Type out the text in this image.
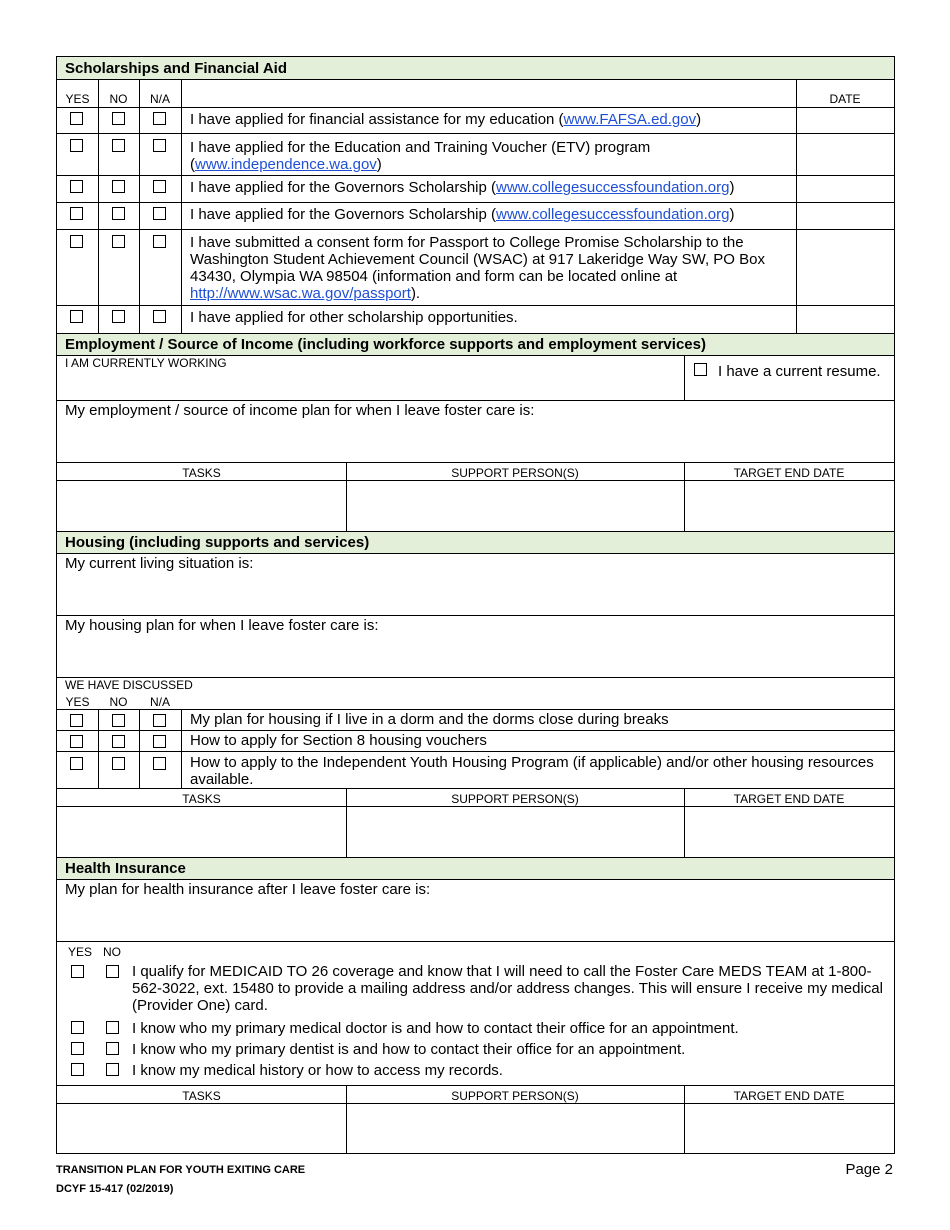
Scholarships and Financial Aid
YES	NO	N/A	DATE
I have applied for financial assistance for my education (www.FAFSA.ed.gov)
I have applied for the Education and Training Voucher (ETV) program (www.independence.wa.gov)
I have applied for the Governors Scholarship (www.collegesuccessfoundation.org)
I have applied for the Governors Scholarship (www.collegesuccessfoundation.org)
I have submitted a consent form for Passport to College Promise Scholarship to the Washington Student Achievement Council (WSAC) at 917 Lakeridge Way SW, PO Box 43430, Olympia WA 98504 (information and form can be located online at http://www.wsac.wa.gov/passport).
I have applied for other scholarship opportunities.
Employment / Source of Income (including workforce supports and employment services)
I AM CURRENTLY WORKING	I have a current resume.
My employment / source of income plan for when I leave foster care is:
TASKS	SUPPORT PERSON(S)	TARGET END DATE
Housing (including supports and services)
My current living situation is:
My housing plan for when I leave foster care is:
WE HAVE DISCUSSED
YES	NO	N/A
My plan for housing if I live in a dorm and the dorms close during breaks
How to apply for Section 8 housing vouchers
How to apply to the Independent Youth Housing Program (if applicable) and/or other housing resources available.
TASKS	SUPPORT PERSON(S)	TARGET END DATE
Health Insurance
My plan for health insurance after I leave foster care is:
YES NO
I qualify for MEDICAID TO 26 coverage and know that I will need to call the Foster Care MEDS TEAM at 1-800-562-3022, ext. 15480 to provide a mailing address and/or address changes. This will ensure I receive my medical (Provider One) card.
I know who my primary medical doctor is and how to contact their office for an appointment.
I know who my primary dentist is and how to contact their office for an appointment.
I know my medical history or how to access my records.
TASKS	SUPPORT PERSON(S)	TARGET END DATE
TRANSITION PLAN FOR YOUTH EXITING CARE
DCYF 15-417 (02/2019)
Page 2
